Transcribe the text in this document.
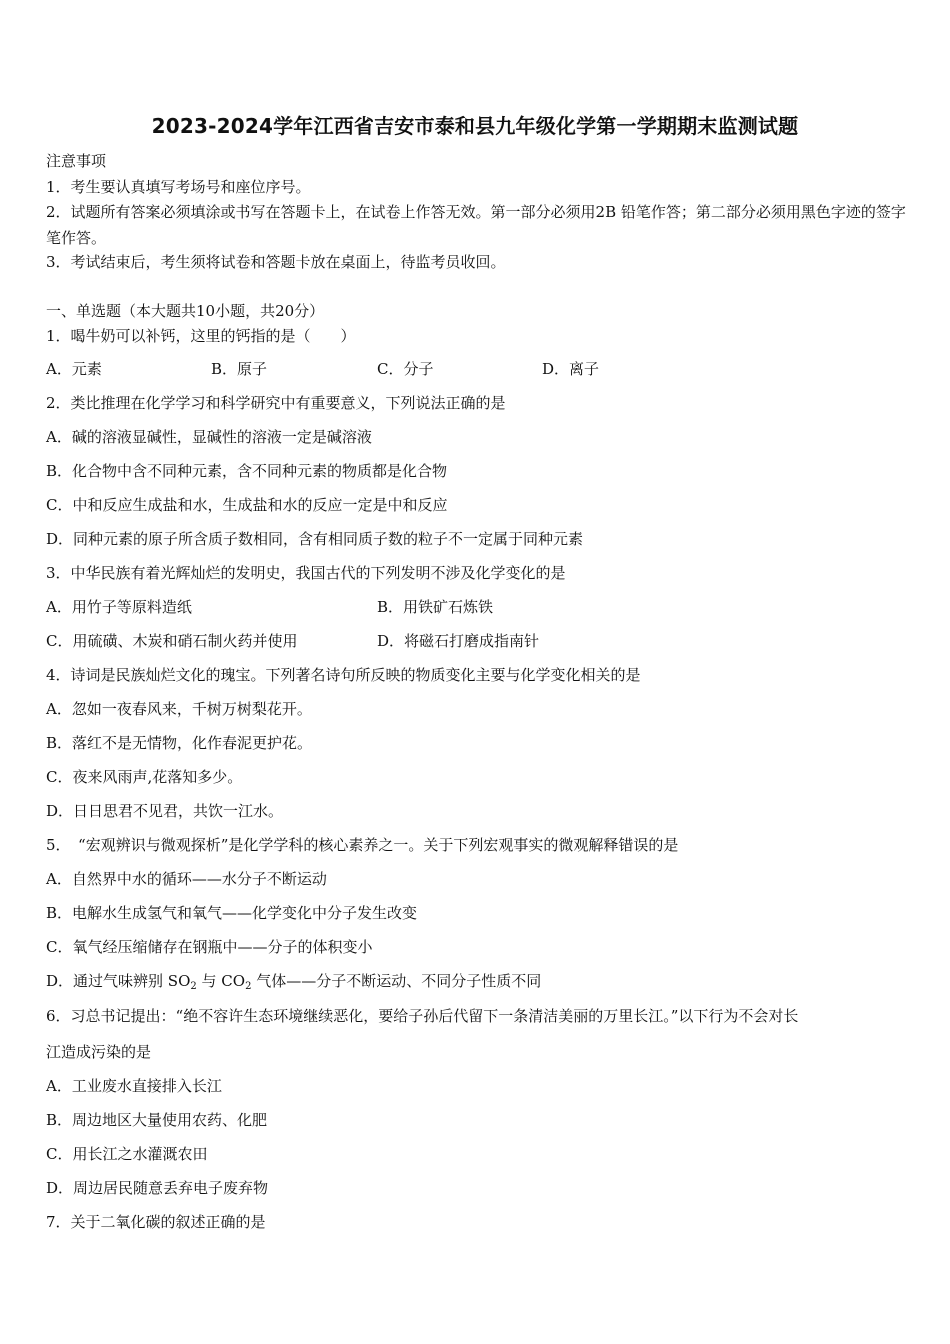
2023-2024学年江西省吉安市泰和县九年级化学第一学期期末监测试题
注意事项
1．考生要认真填写考场号和座位序号。
2．试题所有答案必须填涂或书写在答题卡上，在试卷上作答无效。第一部分必须用2B 铅笔作答；第二部分必须用黑色字迹的签字笔作答。
3．考试结束后，考生须将试卷和答题卡放在桌面上，待监考员收回。
一、单选题（本大题共10小题，共20分）
1．喝牛奶可以补钙，这里的钙指的是（　　）
A．元素	B．原子	C．分子	D．离子
2．类比推理在化学学习和科学研究中有重要意义，下列说法正确的是
A．碱的溶液显碱性，显碱性的溶液一定是碱溶液
B．化合物中含不同种元素，含不同种元素的物质都是化合物
C．中和反应生成盐和水，生成盐和水的反应一定是中和反应
D．同种元素的原子所含质子数相同，含有相同质子数的粒子不一定属于同种元素
3．中华民族有着光辉灿烂的发明史，我国古代的下列发明不涉及化学变化的是
A．用竹子等原料造纸	B．用铁矿石炼铁
C．用硫磺、木炭和硝石制火药并使用	D．将磁石打磨成指南针
4．诗词是民族灿烂文化的瑰宝。下列著名诗句所反映的物质变化主要与化学变化相关的是
A．忽如一夜春风来，千树万树梨花开。
B．落红不是无情物，化作春泥更护花。
C．夜来风雨声,花落知多少。
D．日日思君不见君，共饮一江水。
5．　“宏观辨识与微观探析”是化学学科的核心素养之一。关于下列宏观事实的微观解释错误的是
A．自然界中水的循环——水分子不断运动
B．电解水生成氢气和氧气——化学变化中分子发生改变
C．氧气经压缩储存在钢瓶中——分子的体积变小
D．通过气味辨别 $SO_2$ 与 $CO_2$ 气体——分子不断运动、不同分子性质不同
6．习总书记提出：“绝不容许生态环境继续恶化，要给子孙后代留下一条清洁美丽的万里长江。”以下行为不会对长
江造成污染的是
A．工业废水直接排入长江
B．周边地区大量使用农药、化肥
C．用长江之水灌溉农田
D．周边居民随意丢弃电子废弃物
7．关于二氧化碳的叙述正确的是
